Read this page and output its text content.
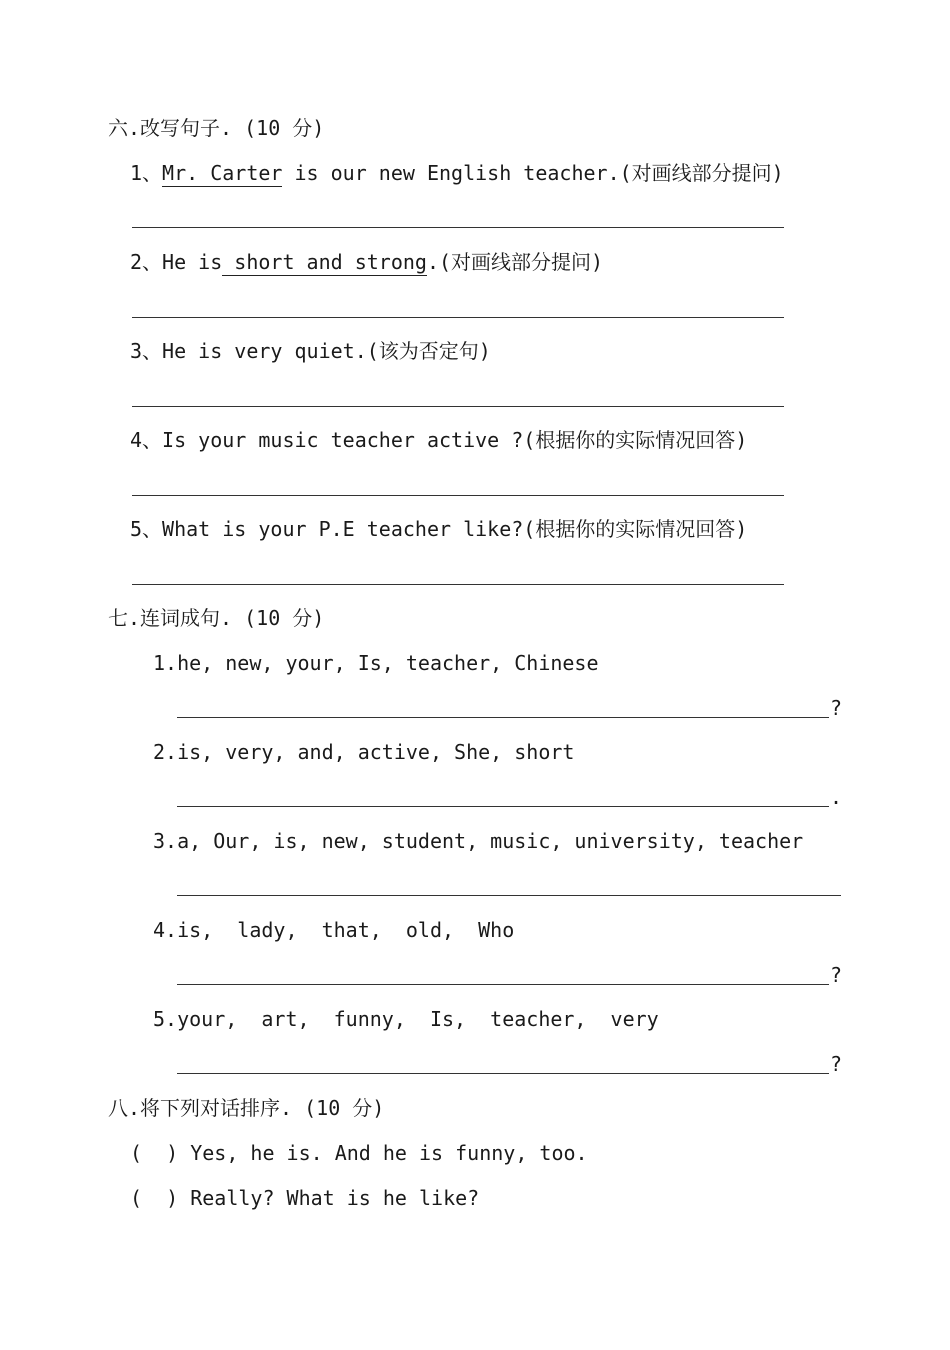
六.改写句子. (10 分)
1、Mr. Carter is our new English teacher.(对画线部分提问)
2、He is short and strong.(对画线部分提问)
3、He is very quiet.(该为否定句)
4、Is your music teacher active ?(根据你的实际情况回答)
5、What is your P.E teacher like?(根据你的实际情况回答)
七.连词成句. (10 分)
1.he, new, your, Is, teacher, Chinese
?
2.is, very, and, active, She, short
.
3.a, Our, is, new, student, music, university, teacher
4.is,  lady,  that,  old,  Who
?
5.your,  art,  funny,  Is,  teacher,  very
?
八.将下列对话排序. (10 分)
(  ) Yes, he is. And he is funny, too.
(  ) Really? What is he like?
